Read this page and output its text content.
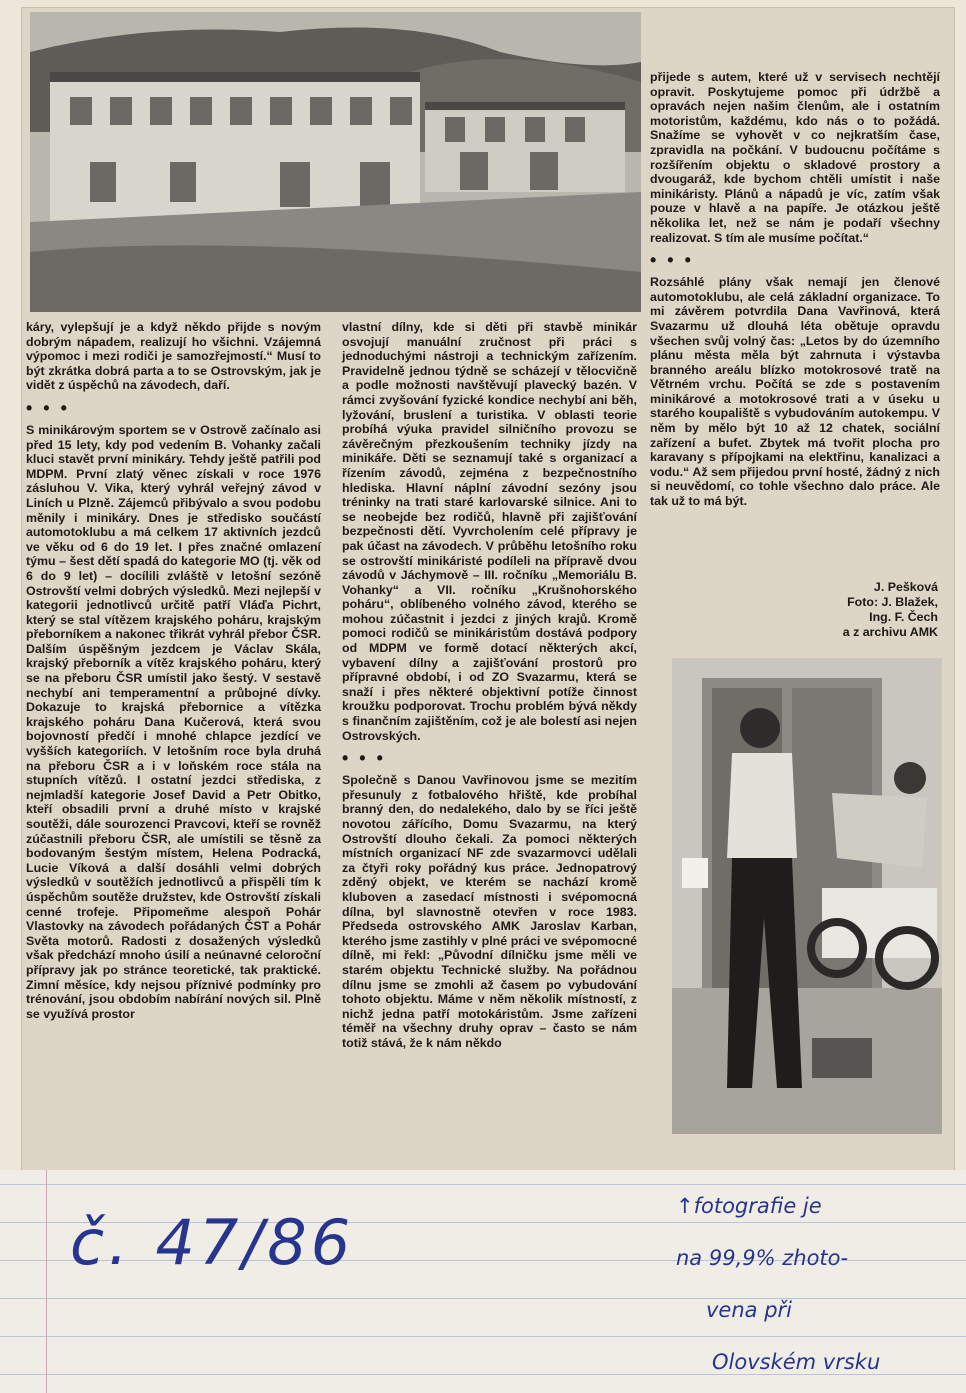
káry, vylepšují je a když někdo přijde s novým dobrým nápadem, realizují ho všichni. Vzájemná výpomoc i mezi rodiči je samozřejmostí.“ Musí to být zkrátka dobrá parta a to se Ostrovským, jak je vidět z úspěchů na závodech, daří.

• • •

S minikárovým sportem se v Ostrově začínalo asi před 15 lety, kdy pod vedením B. Vohanky začali kluci stavět první minikáry. Tehdy ještě patřili pod MDPM. První zlatý věnec získali v roce 1976 zásluhou V. Vika, který vyhrál veřejný závod v Liních u Plzně. Zájemců přibývalo a svou podobu měnily i minikáry. Dnes je středisko součástí automotoklubu a má celkem 17 aktivních jezdců ve věku od 6 do 19 let. I přes značné omlazení týmu – šest dětí spadá do kategorie MO (tj. věk od 6 do 9 let) – docílili zvláště v letošní sezóně Ostrovští velmi dobrých výsledků. Mezi nejlepší v kategorii jednotlivců určitě patří Vláďa Pichrt, který se stal vítězem krajského poháru, krajským přeborníkem a nakonec třikrát vyhrál přebor ČSR. Dalším úspěšným jezdcem je Václav Skála, krajský přeborník a vítěz krajského poháru, který se na přeboru ČSR umístil jako šestý. V sestavě nechybí ani temperamentní a průbojné dívky. Dokazuje to krajská přebornice a vítězka krajského poháru Dana Kučerová, která svou bojovností předčí i mnohé chlapce jezdící ve vyšších kategoriích. V letošním roce byla druhá na přeboru ČSR a i v loňském roce stála na stupních vítězů. I ostatní jezdci střediska, z nejmladší kategorie Josef David a Petr Obitko, kteří obsadili první a druhé místo v krajské soutěži, dále sourozenci Pravcovi, kteří se rovněž zúčastnili přeboru ČSR, ale umístili se těsně za bodovaným šestým místem, Helena Podracká, Lucie Víková a další dosáhli velmi dobrých výsledků v soutěžích jednotlivců a přispěli tím k úspěchům soutěže družstev, kde Ostrovští získali cenné trofeje. Připomeňme alespoň Pohár Vlastovky na závodech pořádaných ČST a Pohár Světa motorů. Radosti z dosažených výsledků však předchází mnoho úsilí a neúnavné celoroční přípravy jak po stránce teoretické, tak praktické. Zimní měsíce, kdy nejsou příznivé podmínky pro trénování, jsou obdobím nabírání nových sil. Plně se využívá prostor

vlastní dílny, kde si děti při stavbě minikár osvojují manuální zručnost při práci s jednoduchými nástroji a technickým zařízením. Pravidelně jednou týdně se scházejí v tělocvičně a podle možnosti navštěvují plavecký bazén. V rámci zvyšování fyzické kondice nechybí ani běh, lyžování, bruslení a turistika. V oblasti teorie probíhá výuka pravidel silničního provozu se závěrečným přezkoušením techniky jízdy na minikáře. Děti se seznamují také s organizací a řízením závodů, zejména z bezpečnostního hlediska. Hlavní náplní závodní sezóny jsou tréninky na trati staré karlovarské silnice. Ani to se neobejde bez rodičů, hlavně při zajišťování bezpečnosti dětí. Vyvrcholením celé přípravy je pak účast na závodech. V průběhu letošního roku se ostrovští minikáristé podíleli na přípravě dvou závodů v Jáchymově – III. ročníku „Memoriálu B. Vohanky“ a VII. ročníku „Krušnohorského poháru“, oblíbeného volného závod, kterého se mohou zúčastnit i jezdci z jiných krajů. Kromě pomoci rodičů se minikáristům dostává podpory od MDPM ve formě dotací některých akcí, vybavení dílny a zajišťování prostorů pro přípravné období, i od ZO Svazarmu, která se snaží i přes některé objektivní potíže činnost kroužku podporovat. Trochu problém bývá někdy s finančním zajištěním, což je ale bolestí asi nejen Ostrovských.

• • •

Společně s Danou Vavřinovou jsme se mezitím přesunuly z fotbalového hřiště, kde probíhal branný den, do nedalekého, dalo by se říci ještě novotou zářícího, Domu Svazarmu, na který Ostrovští dlouho čekali. Za pomoci některých místních organizací NF zde svazarmovci udělali za čtyři roky pořádný kus práce. Jednopatrový zděný objekt, ve kterém se nachází kromě kluboven a zasedací místnosti i svépomocná dílna, byl slavnostně otevřen v roce 1983. Předseda ostrovského AMK Jaroslav Karban, kterého jsme zastihly v plné práci ve svépomocné dílně, mi řekl: „Původní dílničku jsme měli ve starém objektu Technické služby. Na pořádnou dílnu jsme se zmohli až časem po vybudování tohoto objektu. Máme v něm několik místností, z nichž jedna patří motokáristům. Jsme zařízeni téměř na všechny druhy oprav – často se nám totiž stává, že k nám někdo

přijede s autem, které už v servisech nechtějí opravit. Poskytujeme pomoc při údržbě a opravách nejen našim členům, ale i ostatním motoristům, každému, kdo nás o to požádá. Snažíme se vyhovět v co nejkratším čase, zpravidla na počkání. V budoucnu počítáme s rozšířením objektu o skladové prostory a dvougaráž, kde bychom chtěli umístit i naše minikáristy. Plánů a nápadů je víc, zatím však pouze v hlavě a na papíře. Je otázkou ještě několika let, než se nám je podaří všechny realizovat. S tím ale musíme počítat.“

• • •

Rozsáhlé plány však nemají jen členové automotoklubu, ale celá základní organizace. To mi závěrem potvrdila Dana Vavřinová, která Svazarmu už dlouhá léta obětuje opravdu všechen svůj volný čas: „Letos by do územního plánu města měla být zahrnuta i výstavba branného areálu blízko motokrosové tratě na Větrném vrchu. Počítá se zde s postavením minikárové a motokrosové trati a v úseku u starého koupaliště s vybudováním autokempu. V něm by mělo být 10 až 12 chatek, sociální zařízení a bufet. Zbytek má tvořit plocha pro karavany s přípojkami na elektřinu, kanalizaci a vodu.“ Až sem přijedou první hosté, žádný z nich si neuvědomí, co tohle všechno dalo práce. Ale tak už to má být.

J. Pešková
Foto: J. Blažek,
Ing. F. Čech
a z archivu AMK
č. 47/86	↑fotografie je
na 99,9% zhoto-
vena při
Olovském vrsku
